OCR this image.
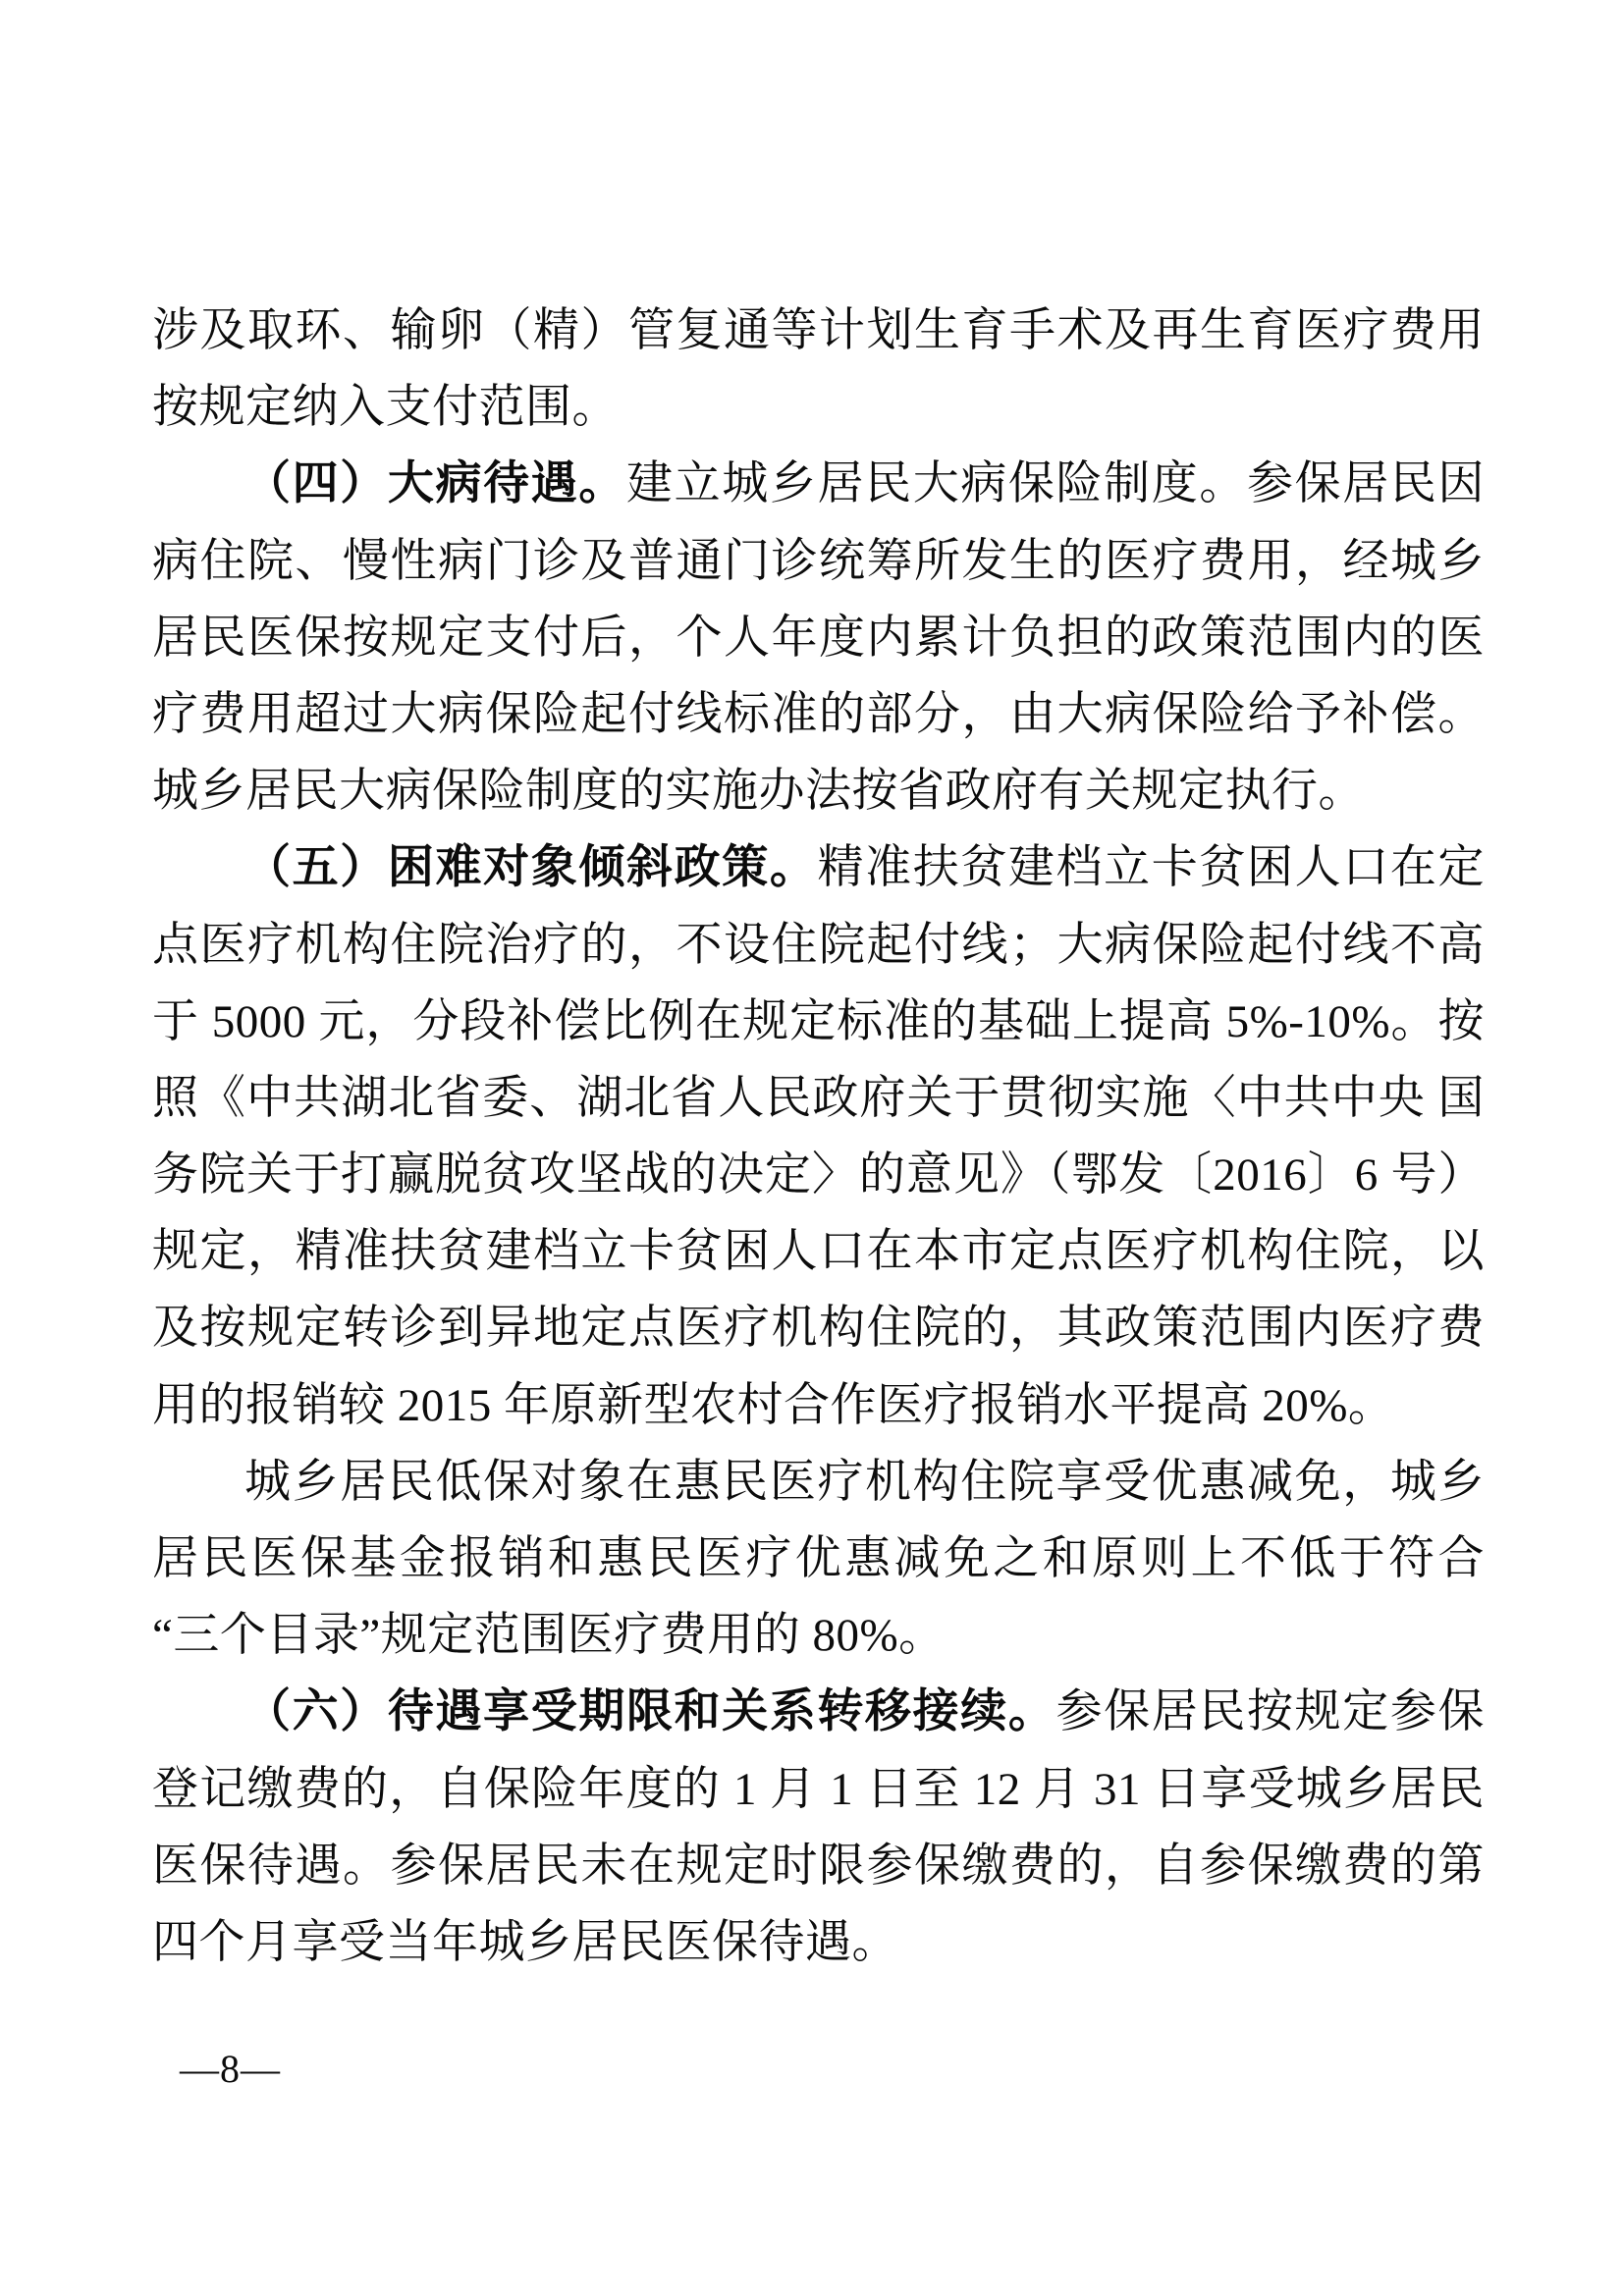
涉及取环、输卵（精）管复通等计划生育手术及再生育医疗费用
按规定纳入支付范围。
（四）大病待遇。建立城乡居民大病保险制度。参保居民因
病住院、慢性病门诊及普通门诊统筹所发生的医疗费用，经城乡
居民医保按规定支付后，个人年度内累计负担的政策范围内的医
疗费用超过大病保险起付线标准的部分，由大病保险给予补偿。
城乡居民大病保险制度的实施办法按省政府有关规定执行。
（五）困难对象倾斜政策。精准扶贫建档立卡贫困人口在定
点医疗机构住院治疗的，不设住院起付线；大病保险起付线不高
于 5000 元，分段补偿比例在规定标准的基础上提高 5%-10%。按
照《中共湖北省委、湖北省人民政府关于贯彻实施〈中共中央 国
务院关于打赢脱贫攻坚战的决定〉的意见》（鄂发〔2016〕6 号）
规定，精准扶贫建档立卡贫困人口在本市定点医疗机构住院，以
及按规定转诊到异地定点医疗机构住院的，其政策范围内医疗费
用的报销较 2015 年原新型农村合作医疗报销水平提高 20%。
城乡居民低保对象在惠民医疗机构住院享受优惠减免，城乡
居民医保基金报销和惠民医疗优惠减免之和原则上不低于符合
“三个目录”规定范围医疗费用的 80%。
（六）待遇享受期限和关系转移接续。参保居民按规定参保
登记缴费的，自保险年度的 1 月 1 日至 12 月 31 日享受城乡居民
医保待遇。参保居民未在规定时限参保缴费的，自参保缴费的第
四个月享受当年城乡居民医保待遇。
—8—
